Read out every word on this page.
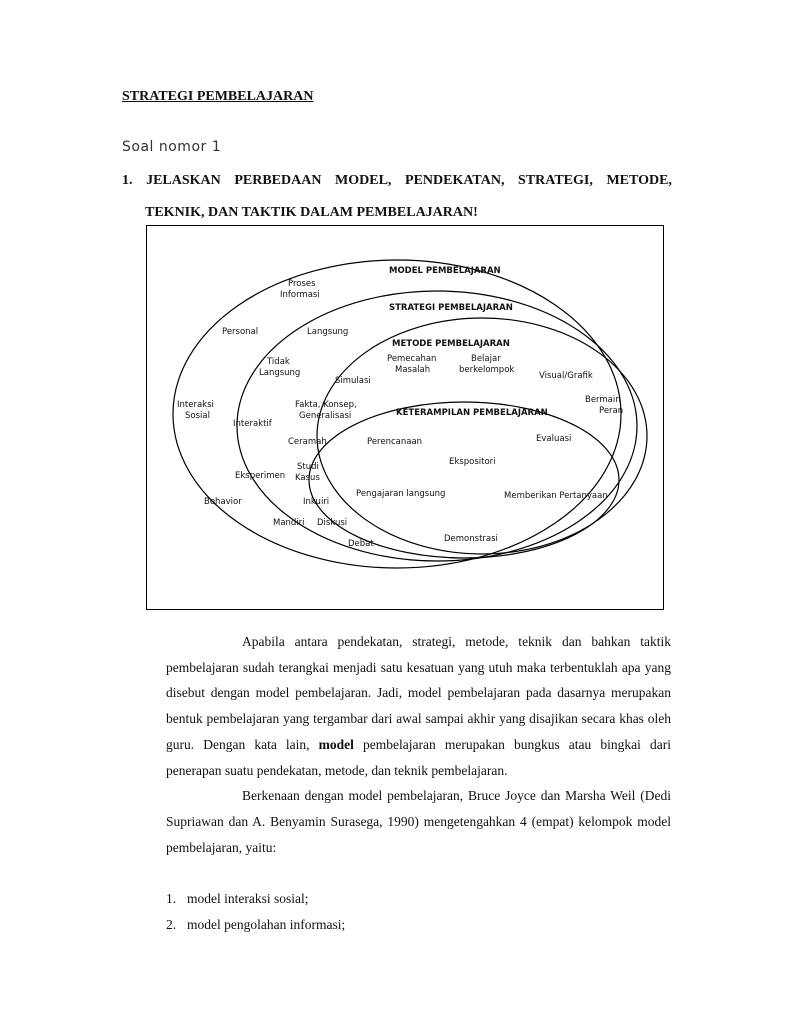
STRATEGI PEMBELAJARAN
Soal nomor 1
1. JELASKAN PERBEDAAN MODEL, PENDEKATAN, STRATEGI, METODE,
TEKNIK, DAN TAKTIK DALAM PEMBELAJARAN!
MODEL PEMBELAJARAN
STRATEGI PEMBELAJARAN
METODE PEMBELAJARAN
KETERAMPILAN PEMBELAJARAN
Proses
Informasi
Personal	Langsung
Tidak
Langsung
Pemecahan
Masalah
Belajar
berkelompok
Visual/Grafik
Simulasi
Interaksi
Sosial
Fakta, Konsep,
Generalisasi
Bermain
Peran
Interaktif
Ceramah	Perencanaan	Evaluasi
Ekspositori
Studi
Kasus
Eksperimen
Behavior	Inkuiri
Pengajaran langsung	Memberikan Pertanyaan
Mandiri Diskusi
Demonstrasi
Debat

Apabila antara pendekatan, strategi, metode, teknik dan bahkan taktik pembelajaran sudah terangkai menjadi satu kesatuan yang utuh maka terbentuklah apa yang disebut dengan model pembelajaran. Jadi, model pembelajaran pada dasarnya merupakan bentuk pembelajaran yang tergambar dari awal sampai akhir yang disajikan secara khas oleh guru. Dengan kata lain, model pembelajaran merupakan bungkus atau bingkai dari penerapan suatu pendekatan, metode, dan teknik pembelajaran.

Berkenaan dengan model pembelajaran, Bruce Joyce dan Marsha Weil (Dedi Supriawan dan A. Benyamin Surasega, 1990) mengetengahkan 4 (empat) kelompok model pembelajaran, yaitu:

1. model interaksi sosial;
2. model pengolahan informasi;
